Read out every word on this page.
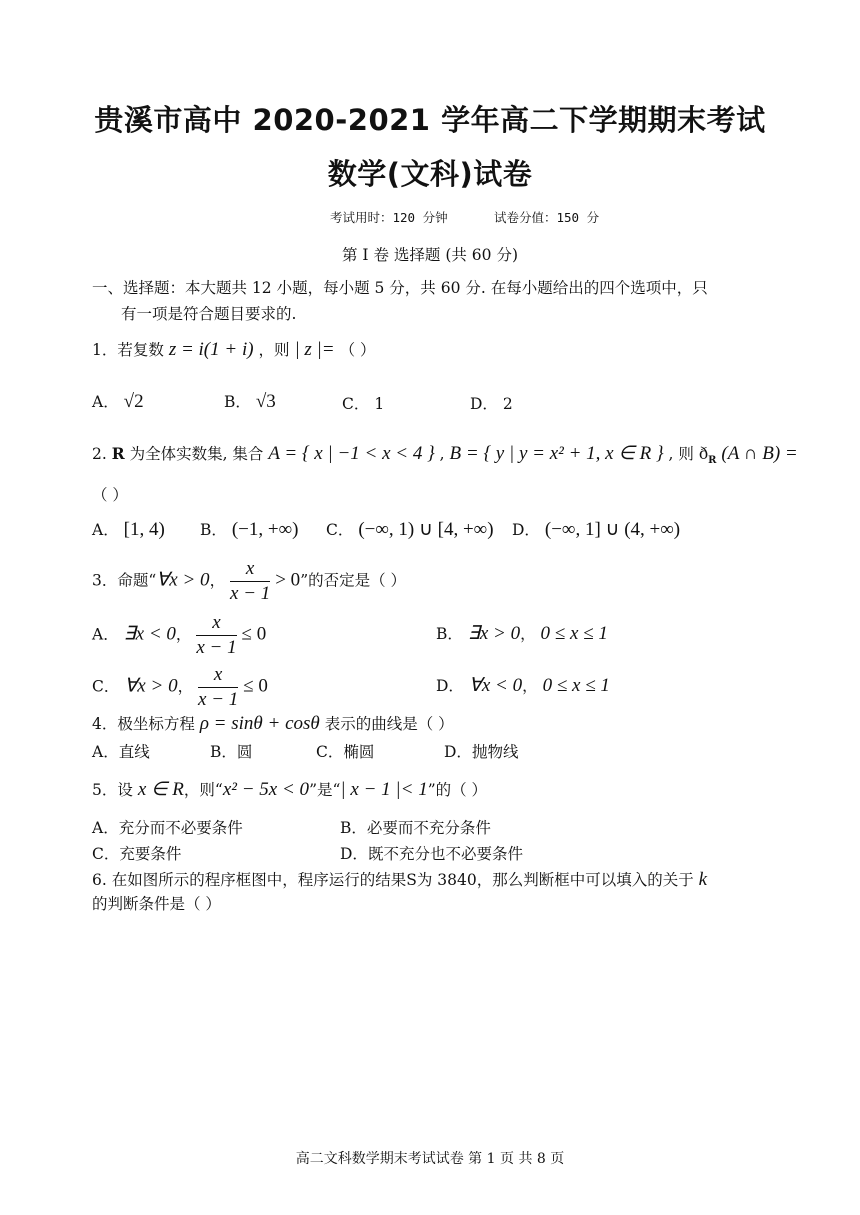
贵溪市高中 2020-2021 学年高二下学期期末考试
数学(文科)试卷
考试用时：120 分钟	试卷分值：150 分
第 I 卷 选择题 (共 60 分)
一、选择题：本大题共 12 小题，每小题 5 分，共 60 分. 在每小题给出的四个选项中，只
有一项是符合题目要求的.
1．若复数 z = i(1 + i) ，则 | z |= （ ）
A． √2	B． √3	C． 1	D． 2
2. R 为全体实数集, 集合 A = { x | −1 < x < 4 } , B = { y | y = x² + 1, x ∈ R } , 则 $ð_R$ (A ∩ B) =
（ ）
A． [1, 4) B． (−1, +∞) C． (−∞, 1) ∪ [4, +∞) D． (−∞, 1] ∪ (4, +∞)
3．命题“∀x > 0， $\frac{x}{x - 1} > 0$”的否定是（ ）
A． ∃x < 0， $\frac{x}{x - 1} \le 0$	B． ∃x > 0， 0 ≤ x ≤ 1
C． ∀x > 0， $\frac{x}{x - 1} \le 0$	D． ∀x < 0， 0 ≤ x ≤ 1
4．极坐标方程 ρ = sinθ + cosθ 表示的曲线是（ ）
A．直线	B．圆	C．椭圆	D．抛物线
5．设 x ∈ R，则“x² − 5x < 0”是“| x − 1 |< 1”的（ ）
A．充分而不必要条件	B．必要而不充分条件
C．充要条件	D．既不充分也不必要条件
6. 在如图所示的程序框图中，程序运行的结果S为 3840，那么判断框中可以填入的关于 k
的判断条件是（ ）
高二文科数学期末考试试卷 第 1 页 共 8 页
